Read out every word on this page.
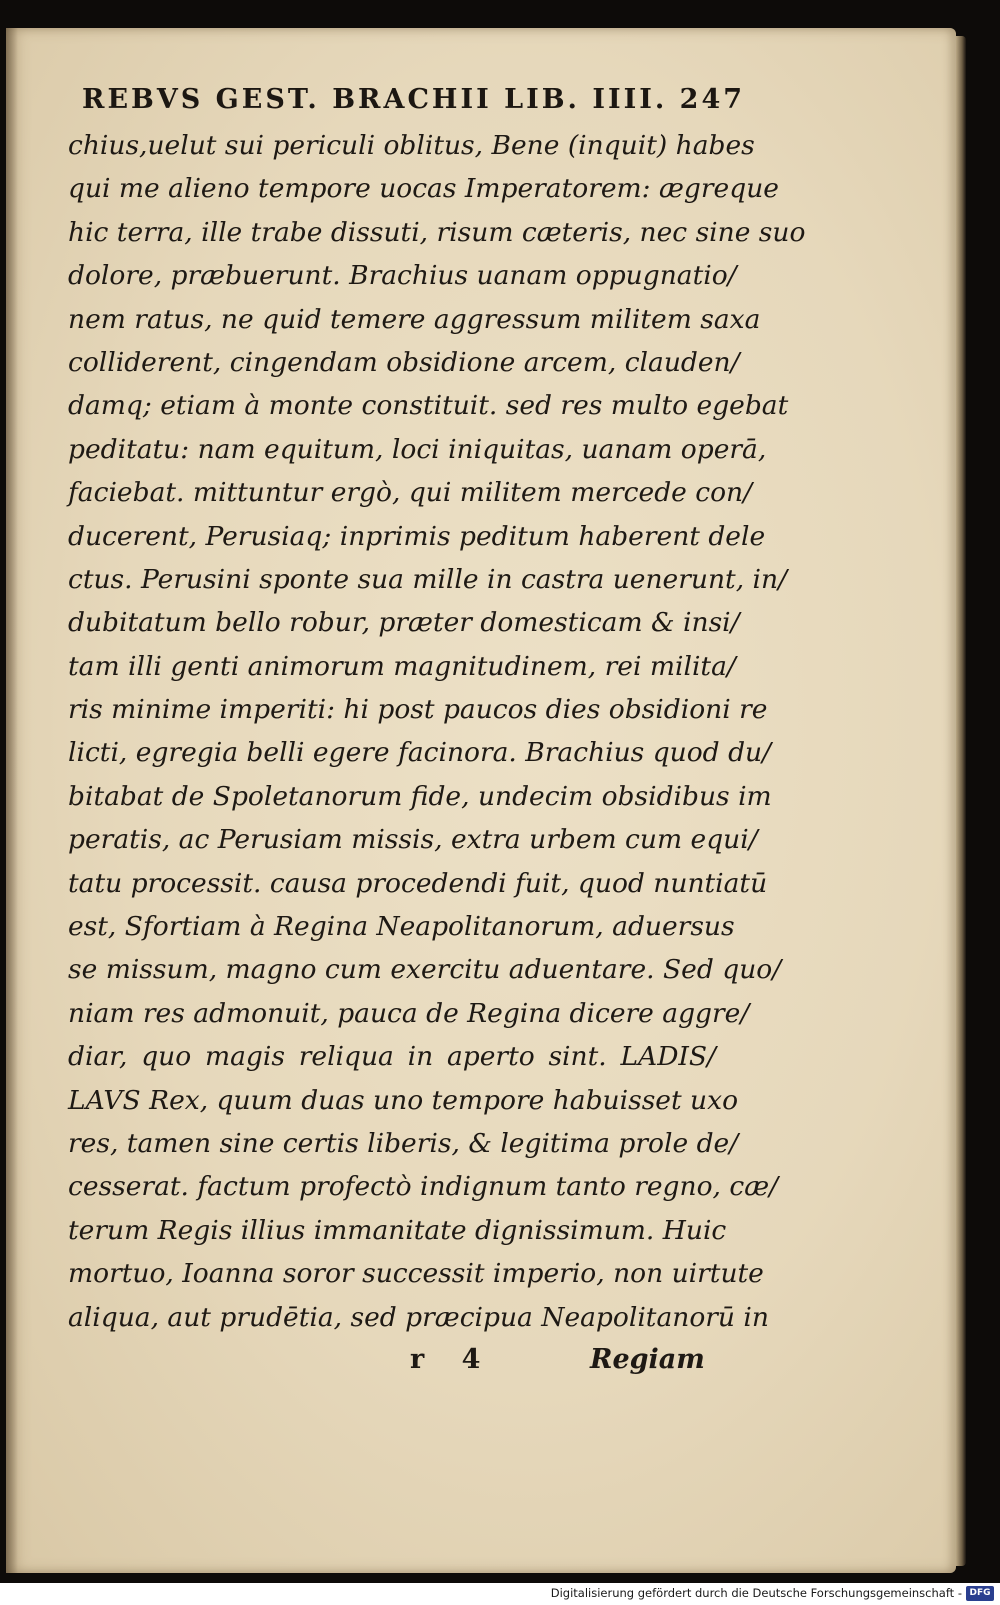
REBVS GEST. BRACHII LIB. IIII. 247
chius,uelut sui periculi oblitus, Bene (inquit) habes
qui me alieno tempore uocas Imperatorem: ægreque
hic terra, ille trabe dissuti, risum cæteris, nec sine suo
dolore, præbuerunt. Brachius uanam oppugnatio/
nem ratus, ne quid temere aggressum militem saxa
colliderent, cingendam obsidione arcem, clauden/
damq; etiam à monte constituit. sed res multo egebat
peditatu: nam equitum, loci iniquitas, uanam operā,
faciebat. mittuntur ergò, qui militem mercede con/
ducerent, Perusiaq; inprimis peditum haberent dele
ctus. Perusini sponte sua mille in castra uenerunt, in/
dubitatum bello robur, præter domesticam & insi/
tam illi genti animorum magnitudinem, rei milita/
ris minime imperiti: hi post paucos dies obsidioni re
licti, egregia belli egere facinora. Brachius quod du/
bitabat de Spoletanorum fide, undecim obsidibus im
peratis, ac Perusiam missis, extra urbem cum equi/
tatu processit. causa procedendi fuit, quod nuntiatū
est, Sfortiam à Regina Neapolitanorum, aduersus
se missum, magno cum exercitu aduentare. Sed quo/
niam res admonuit, pauca de Regina dicere aggre/
diar, quo magis reliqua in aperto sint. LADIS/
LAVS Rex, quum duas uno tempore habuisset uxo
res, tamen sine certis liberis, & legitima prole de/
cesserat. factum profectò indignum tanto regno, cæ/
terum Regis illius immanitate dignissimum. Huic
mortuo, Ioanna soror successit imperio, non uirtute
aliqua, aut prudētia, sed præcipua Neapolitanorū in
r 4	Regiam
Digitalisierung gefördert durch die Deutsche Forschungsgemeinschaft - DFG
